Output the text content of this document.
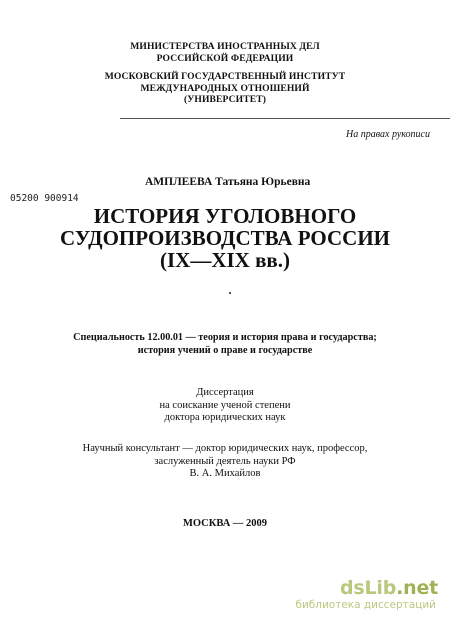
МИНИСТЕРСТВА ИНОСТРАННЫХ ДЕЛ
РОССИЙСКОЙ ФЕДЕРАЦИИ
МОСКОВСКИЙ ГОСУДАРСТВЕННЫЙ ИНСТИТУТ
МЕЖДУНАРОДНЫХ ОТНОШЕНИЙ
(УНИВЕРСИТЕТ)
На правах рукописи
АМПЛЕЕВА Татьяна Юрьевна
05200 900914
ИСТОРИЯ УГОЛОВНОГО
СУДОПРОИЗВОДСТВА РОССИИ
(IX—XIX вв.)
Специальность 12.00.01 — теория и история права и государства;
история учений о праве и государстве
Диссертация
на соискание ученой степени
доктора юридических наук
Научный консультант — доктор юридических наук, профессор,
заслуженный деятель науки РФ
В. А. Михайлов
МОСКВА — 2009
dsLib.net
библиотека диссертаций
